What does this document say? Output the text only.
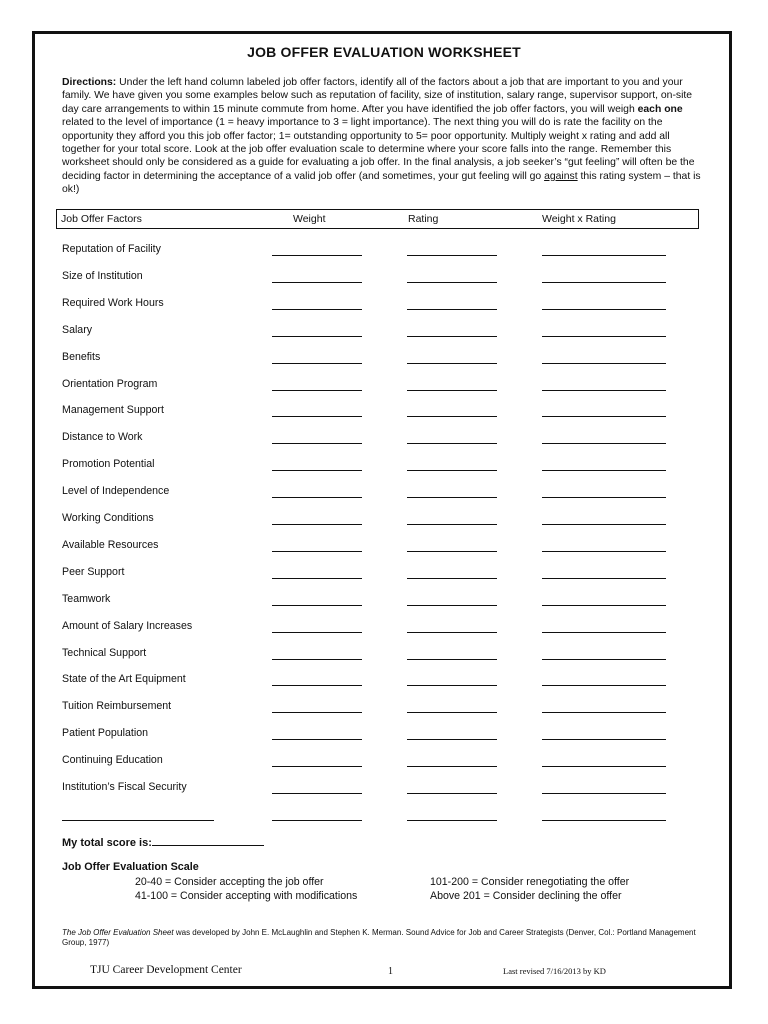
JOB OFFER EVALUATION WORKSHEET
Directions: Under the left hand column labeled job offer factors, identify all of the factors about a job that are important to you and your family. We have given you some examples below such as reputation of facility, size of institution, salary range, supervisor support, on-site day care arrangements to within 15 minute commute from home. After you have identified the job offer factors, you will weigh each one related to the level of importance (1 = heavy importance to 3 = light importance). The next thing you will do is rate the facility on the opportunity they afford you this job offer factor; 1= outstanding opportunity to 5= poor opportunity. Multiply weight x rating and add all together for your total score. Look at the job offer evaluation scale to determine where your score falls into the range. Remember this worksheet should only be considered as a guide for evaluating a job offer. In the final analysis, a job seeker’s “gut feeling” will often be the deciding factor in determining the acceptance of a valid job offer (and sometimes, your gut feeling will go against this rating system – that is ok!)
Job Offer Factors	Weight	Rating	Weight x Rating
Reputation of Facility
Size of Institution
Required Work Hours
Salary
Benefits
Orientation Program
Management Support
Distance to Work
Promotion Potential
Level of Independence
Working Conditions
Available Resources
Peer Support
Teamwork
Amount of Salary Increases
Technical Support
State of the Art Equipment
Tuition Reimbursement
Patient Population
Continuing Education
Institution’s Fiscal Security
My total score is:
Job Offer Evaluation Scale
20-40 = Consider accepting the job offer
41-100 = Consider accepting with modifications
101-200 = Consider renegotiating the offer
Above 201 = Consider declining the offer
The Job Offer Evaluation Sheet was developed by John E. McLaughlin and Stephen K. Merman. Sound Advice for Job and Career Strategists (Denver, Col.: Portland Management Group, 1977)
TJU Career Development Center	1	Last revised 7/16/2013 by KD
